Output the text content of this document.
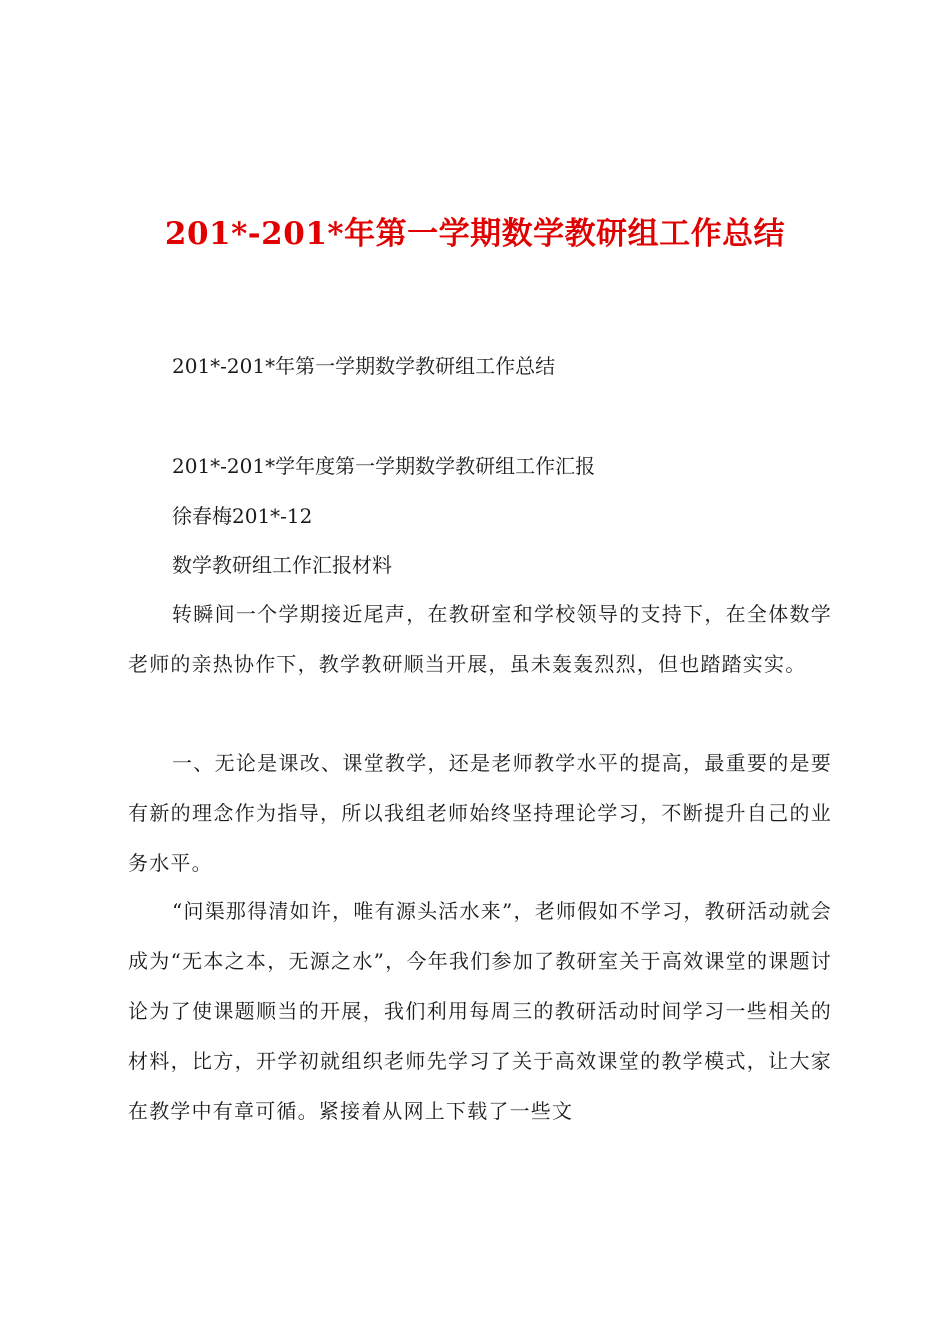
201*-201*年第一学期数学教研组工作总结

201*-201*年第一学期数学教研组工作总结

201*-201*学年度第一学期数学教研组工作汇报

徐春梅201*-12

数学教研组工作汇报材料

转瞬间一个学期接近尾声，在教研室和学校领导的支持下，在全体数学老师的亲热协作下，教学教研顺当开展，虽未轰轰烈烈，但也踏踏实实。

一、无论是课改、课堂教学，还是老师教学水平的提高，最重要的是要有新的理念作为指导，所以我组老师始终坚持理论学习，不断提升自己的业务水平。

“问渠那得清如许，唯有源头活水来”，老师假如不学习，教研活动就会成为“无本之本，无源之水”，今年我们参加了教研室关于高效课堂的课题讨论为了使课题顺当的开展，我们利用每周三的教研活动时间学习一些相关的材料，比方，开学初就组织老师先学习了关于高效课堂的教学模式，让大家在教学中有章可循。紧接着从网上下载了一些文
